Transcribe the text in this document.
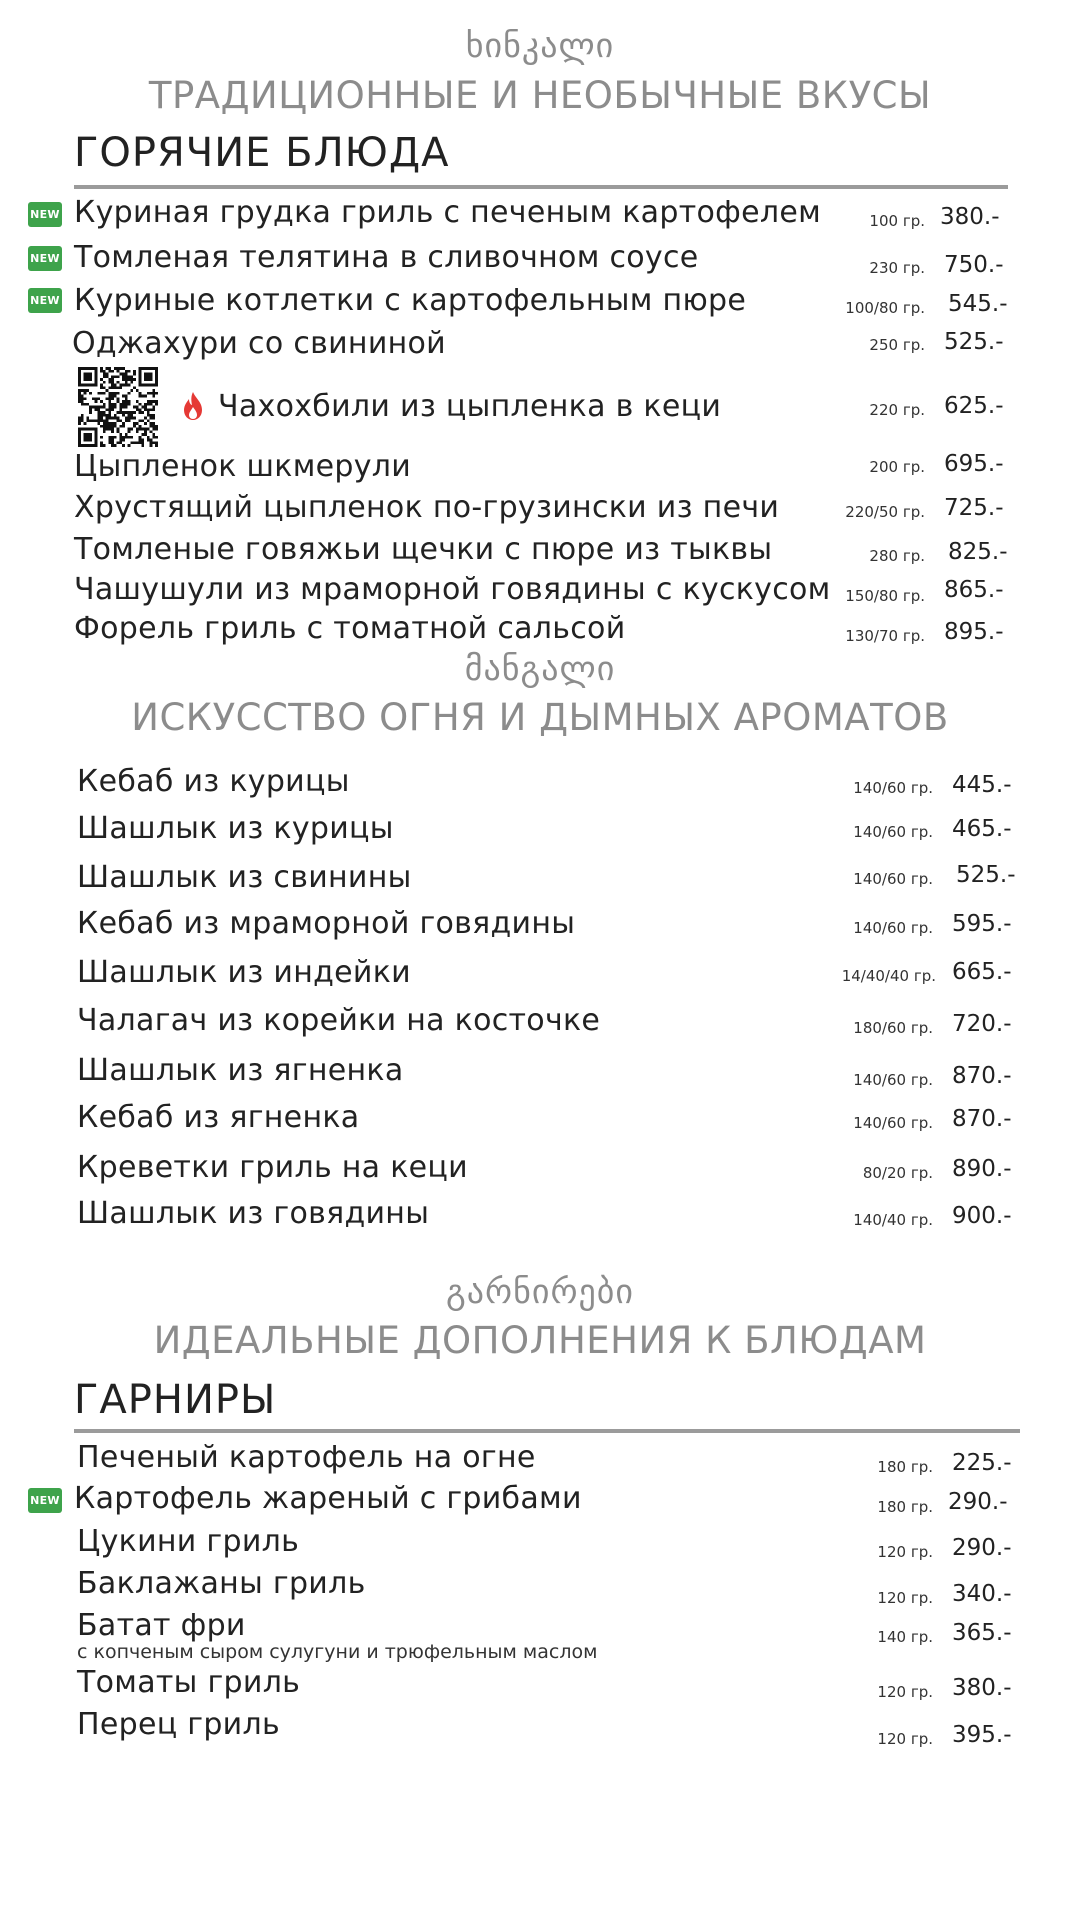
ხინკალი
ТРАДИЦИОННЫЕ И НЕОБЫЧНЫЕ ВКУСЫ
ГОРЯЧИЕ БЛЮДА
NEW Куриная грудка гриль с печеным картофелем	100 гр. 380.-
NEW Томленая телятина в сливочном соусе	230 гр. 750.-
NEW Куриные котлетки с картофельным пюре	100/80 гр. 545.-
Оджахури со свининой	250 гр. 525.-
Чахохбили из цыпленка в кеци	220 гр. 625.-
Цыпленок шкмерули	200 гр. 695.-
Хрустящий цыпленок по-грузински из печи	220/50 гр. 725.-
Томленые говяжьи щечки с пюре из тыквы	280 гр. 825.-
Чашушули из мраморной говядины с кускусом 150/80 гр. 865.-
Форель гриль с томатной сальсой	130/70 гр. 895.-
მანგალი
ИСКУССТВО ОГНЯ И ДЫМНЫХ АРОМАТОВ
Кебаб из курицы	140/60 гр. 445.-
Шашлык из курицы	140/60 гр. 465.-
Шашлык из свинины	140/60 гр. 525.-
Кебаб из мраморной говядины	140/60 гр. 595.-
Шашлык из индейки	14/40/40 гр. 665.-
Чалагач из корейки на косточке	180/60 гр. 720.-
Шашлык из ягненка	140/60 гр. 870.-
Кебаб из ягненка	140/60 гр. 870.-
Креветки гриль на кеци	80/20 гр. 890.-
Шашлык из говядины	140/40 гр. 900.-
გარნირები
ИДЕАЛЬНЫЕ ДОПОЛНЕНИЯ К БЛЮДАМ
ГАРНИРЫ
Печеный картофель на огне	180 гр. 225.-
NEW Картофель жареный с грибами	180 гр. 290.-
Цукини гриль	120 гр. 290.-
Баклажаны гриль	120 гр. 340.-
Батат фри
с копченым сыром сулугуни и трюфельным маслом
140 гр. 365.-
Томаты гриль	120 гр. 380.-
Перец гриль	120 гр. 395.-
